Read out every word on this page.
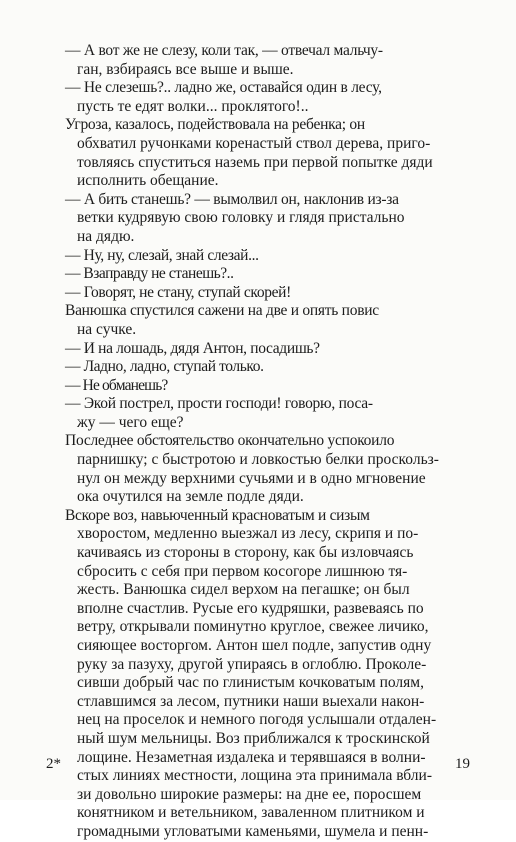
— А вот же не слезу, коли так, — отвечал мальчу-
ган, взбираясь все выше и выше.

— Не слезешь?.. ладно же, оставайся один в лесу,
пусть те едят волки... проклятого!..

Угроза, казалось, подействовала на ребенка; он
обхватил ручонками коренастый ствол дерева, приго-
товляясь спуститься наземь при первой попытке дяди
исполнить обещание.

— А бить станешь? — вымолвил он, наклонив из-за
ветки кудрявую свою головку и глядя пристально
на дядю.

— Ну, ну, слезай, знай слезай...

— Взаправду не станешь?..

— Говорят, не стану, ступай скорей!

Ванюшка спустился сажени на две и опять повис
на сучке.

— И на лошадь, дядя Антон, посадишь?

— Ладно, ладно, ступай только.

— Не обманешь?

— Экой пострел, прости господи! говорю, поса-
жу — чего еще?

Последнее обстоятельство окончательно успокоило
парнишку; с быстротою и ловкостью белки проскольз-
нул он между верхними сучьями и в одно мгновение
ока очутился на земле подле дяди.

Вскоре воз, навьюченный красноватым и сизым
хворостом, медленно выезжал из лесу, скрипя и по-
качиваясь из стороны в сторону, как бы изловчаясь
сбросить с себя при первом косогоре лишнюю тя-
жесть. Ванюшка сидел верхом на пегашке; он был
вполне счастлив. Русые его кудряшки, развеваясь по
ветру, открывали поминутно круглое, свежее личико,
сияющее восторгом. Антон шел подле, запустив одну
руку за пазуху, другой упираясь в оглоблю. Проколе-
сивши добрый час по глинистым кочковатым полям,
стлавшимся за лесом, путники наши выехали након-
нец на проселок и немного погодя услышали отдален-
ный шум мельницы. Воз приближался к троскинской
лощине. Незаметная издалека и терявшаяся в волни-
стых линиях местности, лощина эта принимала вбли-
зи довольно широкие размеры: на дне ее, поросшем
конятником и ветельником, заваленном плитником и
громадными угловатыми каменьями, шумела и пенн-

2*	19
